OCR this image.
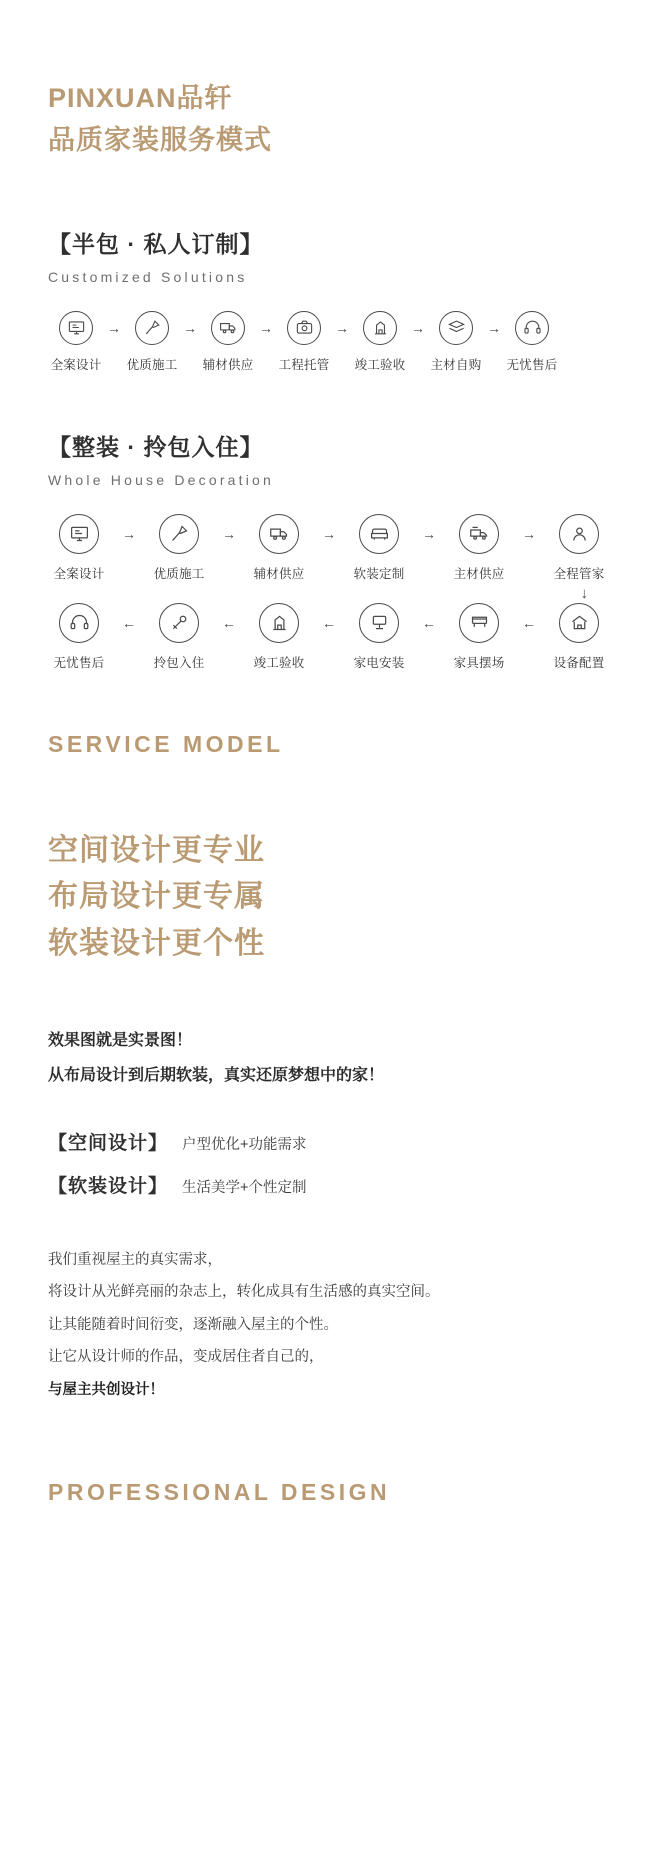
PINXUAN品轩
品质家装服务模式
【半包 · 私人订制】
Customized Solutions
全案设计
→
优质施工
→
辅材供应
→
工程托管
→
竣工验收
→
主材自购
→
无忧售后
【整装 · 拎包入住】
Whole House Decoration
全案设计
→
优质施工
→
辅材供应
→
软装定制
→
主材供应
→
全程管家
↓
无忧售后
←
拎包入住
←
竣工验收
←
家电安装
←
家具摆场
←
设备配置
SERVICE MODEL
空间设计更专业
布局设计更专属
软装设计更个性
效果图就是实景图！
从布局设计到后期软装，真实还原梦想中的家！
【空间设计】 户型优化+功能需求
【软装设计】 生活美学+个性定制
我们重视屋主的真实需求，
将设计从光鲜亮丽的杂志上，转化成具有生活感的真实空间。
让其能随着时间衍变，逐渐融入屋主的个性。
让它从设计师的作品，变成居住者自己的，
与屋主共创设计！
PROFESSIONAL DESIGN
